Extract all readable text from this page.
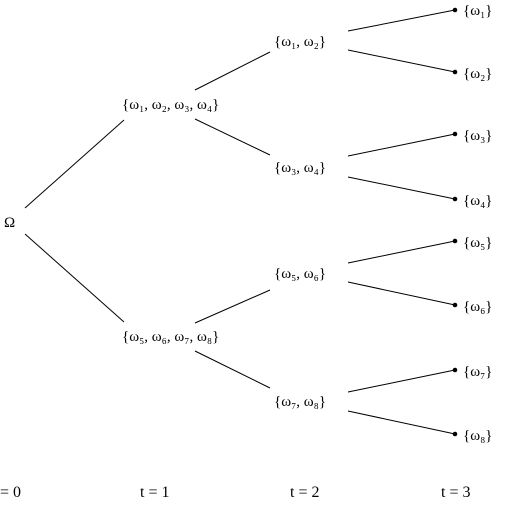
Ω
{ω₁, ω₂, ω₃, ω₄}
{ω₅, ω₆, ω₇, ω₈}
{ω₁, ω₂}
{ω₃, ω₄}
{ω₅, ω₆}
{ω₇, ω₈}
{ω₁}
{ω₂}
{ω₃}
{ω₄}
{ω₅}
{ω₆}
{ω₇}
{ω₈}
= 0	t = 1	t = 2	t = 3
